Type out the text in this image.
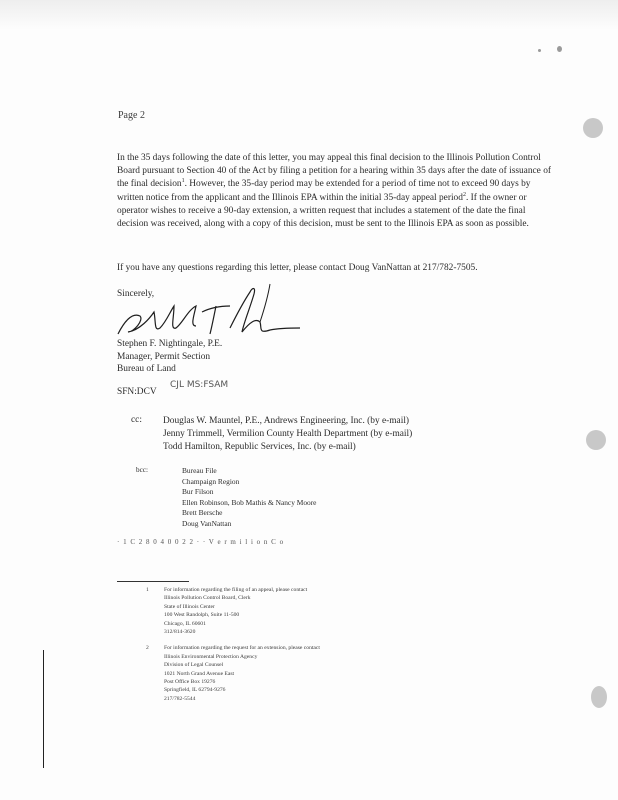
Page 2
In the 35 days following the date of this letter, you may appeal this final decision to the Illinois Pollution Control Board pursuant to Section 40 of the Act by filing a petition for a hearing within 35 days after the date of issuance of the final decision$^1$. However, the 35-day period may be extended for a period of time not to exceed 90 days by written notice from the applicant and the Illinois EPA within the initial 35-day appeal period$^2$. If the owner or operator wishes to receive a 90-day extension, a written request that includes a statement of the date the final decision was received, along with a copy of this decision, must be sent to the Illinois EPA as soon as possible.
If you have any questions regarding this letter, please contact Doug VanNattan at 217/782-7505.
Sincerely,
Stephen F. Nightingale, P.E.
Manager, Permit Section
Bureau of Land
SFN:DCV
CJL MS:FSAM
cc: Douglas W. Mauntel, P.E., Andrews Engineering, Inc. (by e-mail)
Jenny Trimmell, Vermilion County Health Department (by e-mail)
Todd Hamilton, Republic Services, Inc. (by e-mail)
bcc:	Bureau File
Champaign Region
Bur Filson
Ellen Robinson, Bob Mathis & Nancy Moore
Brett Bersche
Doug VanNattan
· 1 C 2 8 0 4 0 0 2 2 · · V e r m i l i o n C o
1	For information regarding the filing of an appeal, please contact
Illinois Pollution Control Board, Clerk
State of Illinois Center
100 West Randolph, Suite 11-500
Chicago, IL 60601
312/814-3620
2	For information regarding the request for an extension, please contact
Illinois Environmental Protection Agency
Division of Legal Counsel
1021 North Grand Avenue East
Post Office Box 19276
Springfield, IL 62794-9276
217/782-5544
